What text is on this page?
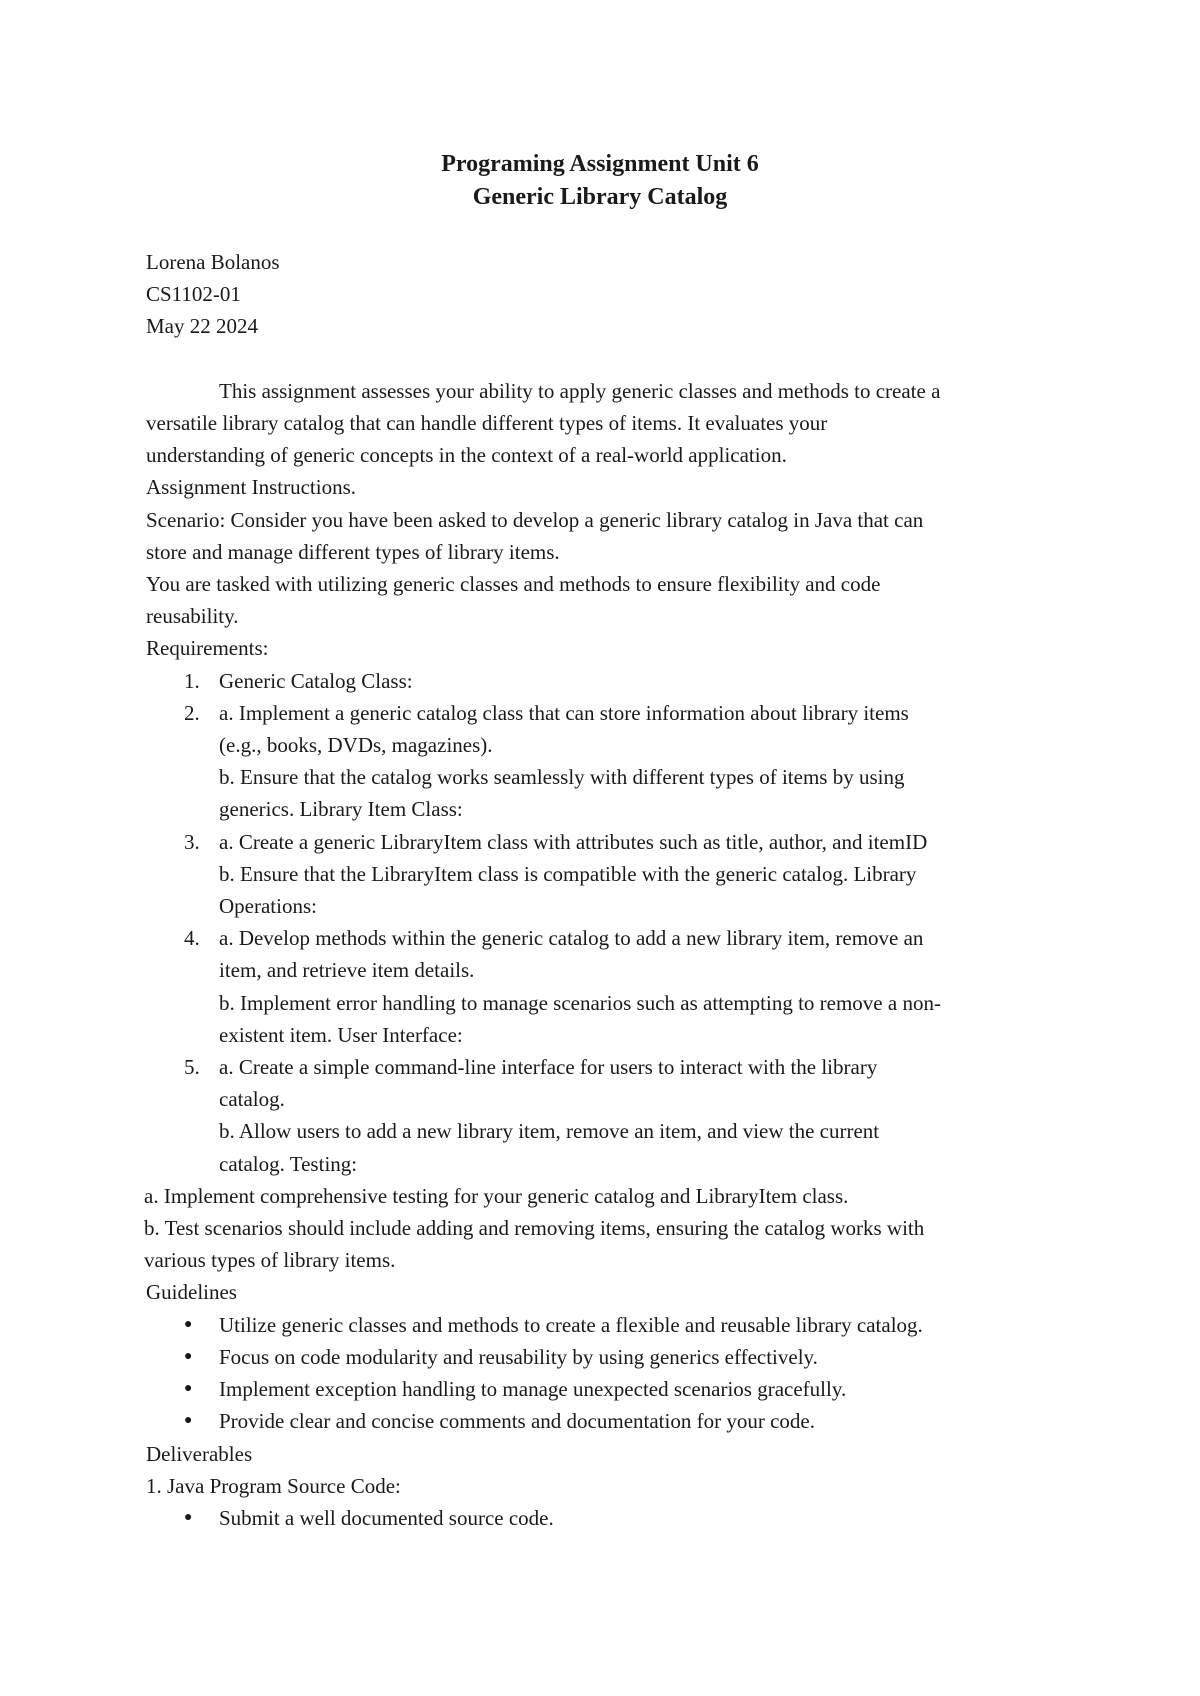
Programing Assignment Unit 6
Generic Library Catalog
Lorena Bolanos
CS1102-01
May 22 2024
This assignment assesses your ability to apply generic classes and methods to create a
versatile library catalog that can handle different types of items. It evaluates your
understanding of generic concepts in the context of a real-world application.
Assignment Instructions.
Scenario: Consider you have been asked to develop a generic library catalog in Java that can
store and manage different types of library items.
You are tasked with utilizing generic classes and methods to ensure flexibility and code
reusability.
Requirements:
1. Generic Catalog Class:
2. a. Implement a generic catalog class that can store information about library items
(e.g., books, DVDs, magazines).
b. Ensure that the catalog works seamlessly with different types of items by using
generics. Library Item Class:
3. a. Create a generic LibraryItem class with attributes such as title, author, and itemID
b. Ensure that the LibraryItem class is compatible with the generic catalog. Library
Operations:
4. a. Develop methods within the generic catalog to add a new library item, remove an
item, and retrieve item details.
b. Implement error handling to manage scenarios such as attempting to remove a non-
existent item. User Interface:
5. a. Create a simple command-line interface for users to interact with the library
catalog.
b. Allow users to add a new library item, remove an item, and view the current
catalog. Testing:
a. Implement comprehensive testing for your generic catalog and LibraryItem class.
b. Test scenarios should include adding and removing items, ensuring the catalog works with
various types of library items.
Guidelines
● Utilize generic classes and methods to create a flexible and reusable library catalog.
● Focus on code modularity and reusability by using generics effectively.
● Implement exception handling to manage unexpected scenarios gracefully.
● Provide clear and concise comments and documentation for your code.
Deliverables
1. Java Program Source Code:
● Submit a well documented source code.
